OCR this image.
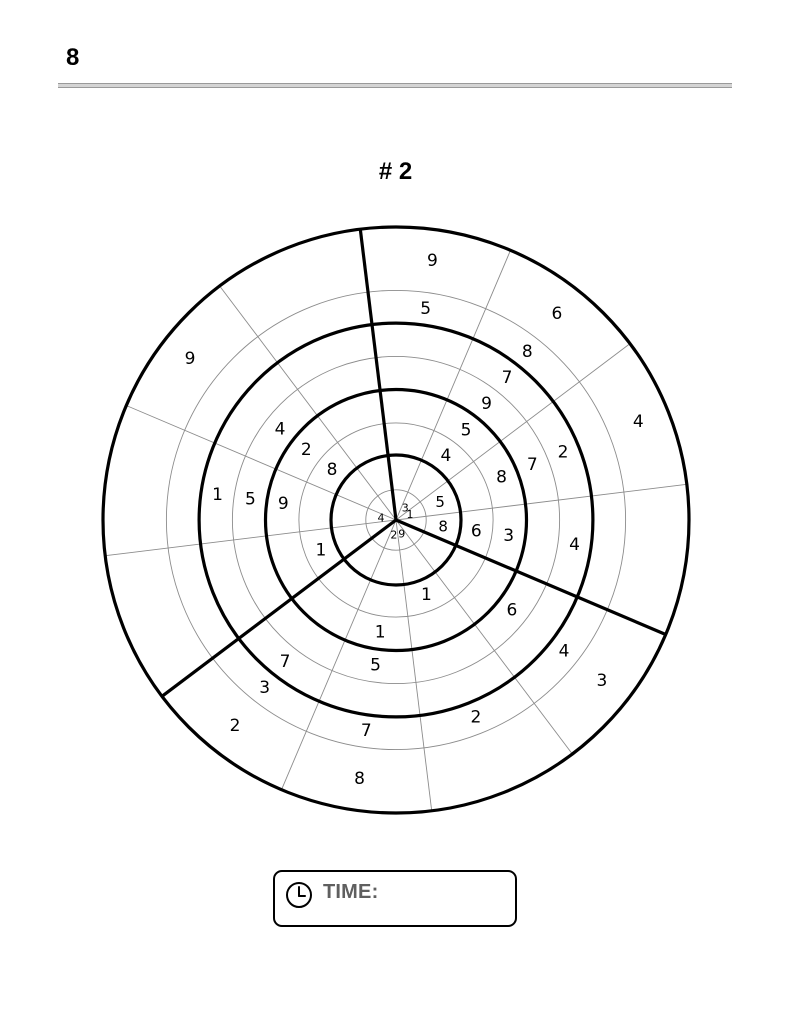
8
# 2
9
5	6
8
7
9
5
4
3
4
2
7
8
5
1
8 6 3	4
4
6
3
2
1
9
8
7
5
1
2
2
3
7
1
1 5 9
4
9
4
2
8
TIME:
